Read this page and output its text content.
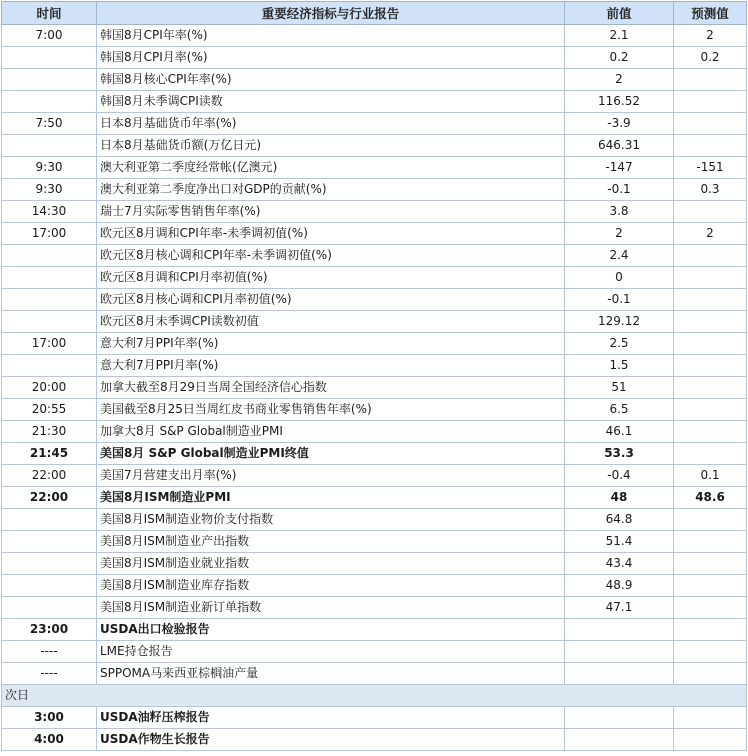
时间	重要经济指标与行业报告	前值	预测值
7:00	韩国8月CPI年率(%)	2.1	2
	韩国8月CPI月率(%)	0.2	0.2
	韩国8月核心CPI年率(%)	2	
	韩国8月未季调CPI读数	116.52	
7:50	日本8月基础货币年率(%)	-3.9	
	日本8月基础货币额(万亿日元)	646.31	
9:30	澳大利亚第二季度经常帐(亿澳元)	-147	-151
9:30	澳大利亚第二季度净出口对GDP的贡献(%)	-0.1	0.3
14:30	瑞士7月实际零售销售年率(%)	3.8	
17:00	欧元区8月调和CPI年率-未季调初值(%)	2	2
	欧元区8月核心调和CPI年率-未季调初值(%)	2.4	
	欧元区8月调和CPI月率初值(%)	0	
	欧元区8月核心调和CPI月率初值(%)	-0.1	
	欧元区8月未季调CPI读数初值	129.12	
17:00	意大利7月PPI年率(%)	2.5	
	意大利7月PPI月率(%)	1.5	
20:00	加拿大截至8月29日当周全国经济信心指数	51	
20:55	美国截至8月25日当周红皮书商业零售销售年率(%)	6.5	
21:30	加拿大8月 S&P Global制造业PMI	46.1	
21:45	美国8月 S&P Global制造业PMI终值	53.3	
22:00	美国7月营建支出月率(%)	-0.4	0.1
22:00	美国8月ISM制造业PMI	48	48.6
	美国8月ISM制造业物价支付指数	64.8	
	美国8月ISM制造业产出指数	51.4	
	美国8月ISM制造业就业指数	43.4	
	美国8月ISM制造业库存指数	48.9	
	美国8月ISM制造业新订单指数	47.1	
23:00	USDA出口检验报告		
----	LME持仓报告		
----	SPPOMA马来西亚棕榈油产量		
次日			
3:00	USDA油籽压榨报告		
4:00	USDA作物生长报告		
